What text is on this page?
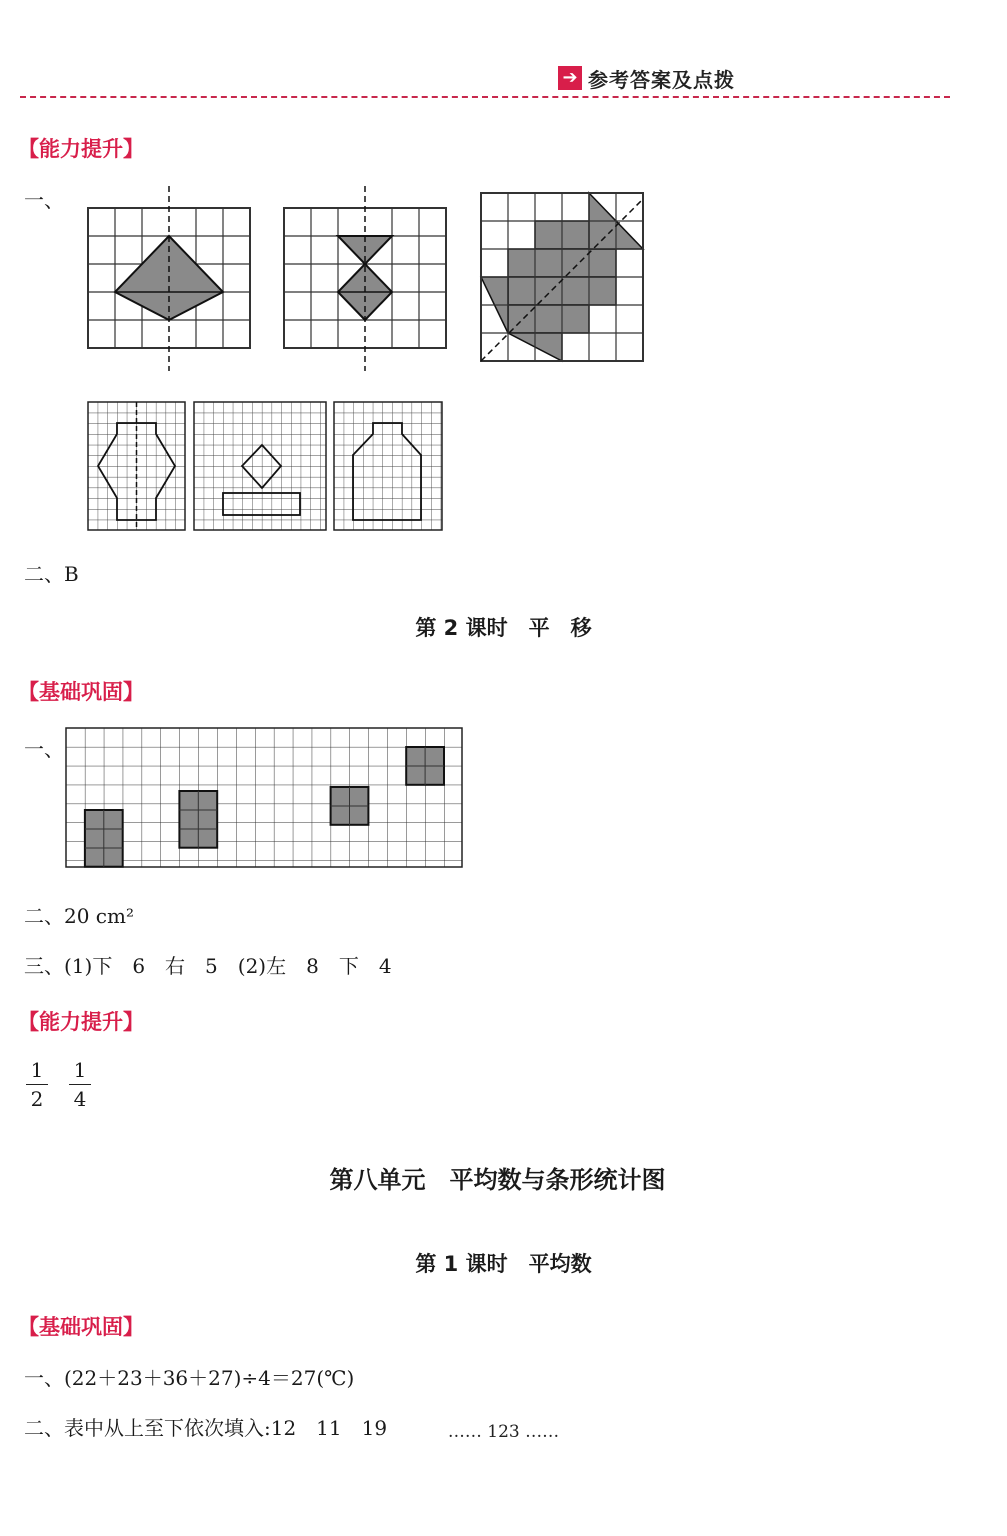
➔ 参考答案及点拨
【能力提升】
一、
二、B
第 2 课时　平　移
【基础巩固】
一、
二、20 cm²
三、(1)下　6　右　5　(2)左　8　下　4
【能力提升】
1
2
1
4
第八单元　平均数与条形统计图
第 1 课时　平均数
【基础巩固】
一、(22＋23＋36＋27)÷4＝27(℃)
二、表中从上至下依次填入:12　11　19	…… 123 ……
